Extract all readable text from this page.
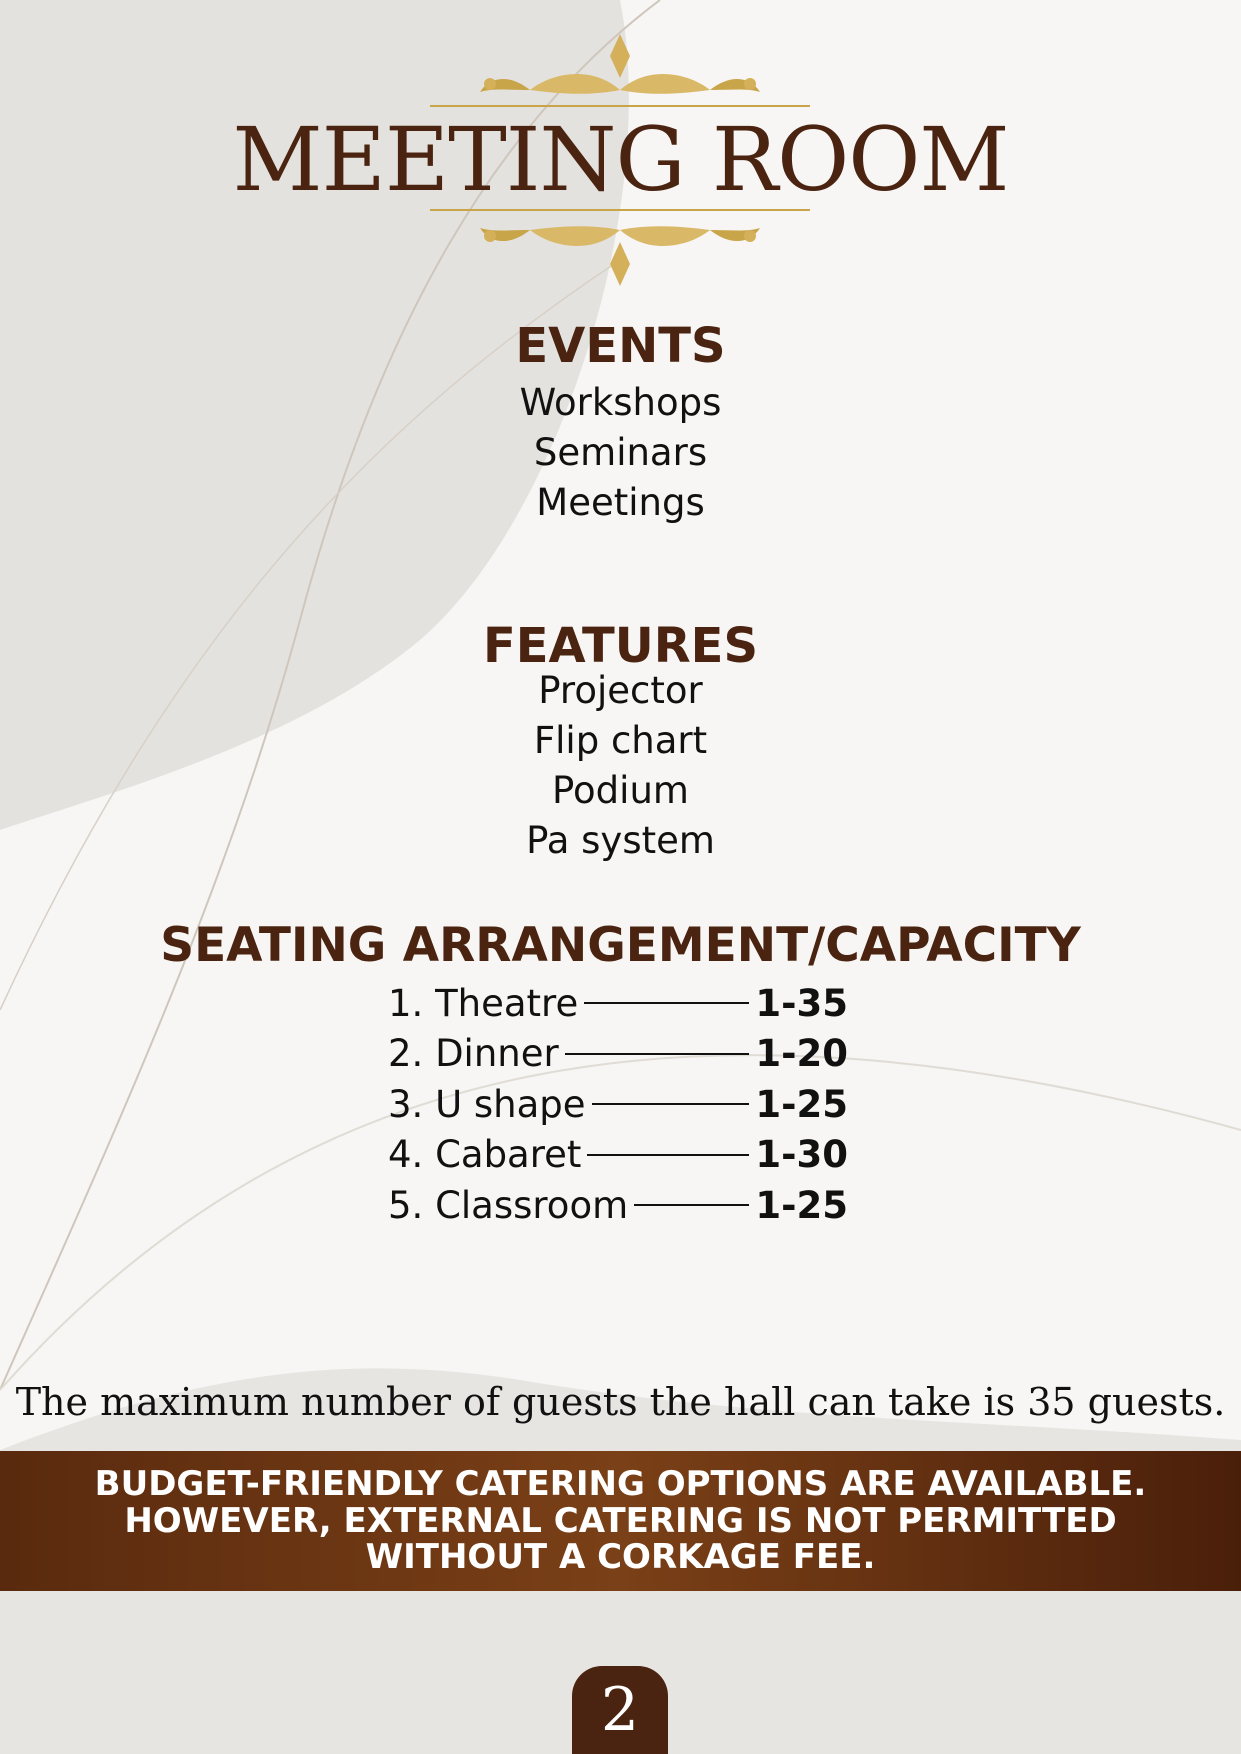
MEETING ROOM
EVENTS
Workshops
Seminars
Meetings
FEATURES
Projector
Flip chart
Podium
Pa system
SEATING ARRANGEMENT/CAPACITY
1. Theatre	1-35
2. Dinner	1-20
3. U shape	1-25
4. Cabaret	1-30
5. Classroom	1-25
The maximum number of guests the hall can take is 35 guests.
BUDGET-FRIENDLY CATERING OPTIONS ARE AVAILABLE.
HOWEVER, EXTERNAL CATERING IS NOT PERMITTED
WITHOUT A CORKAGE FEE.
2
